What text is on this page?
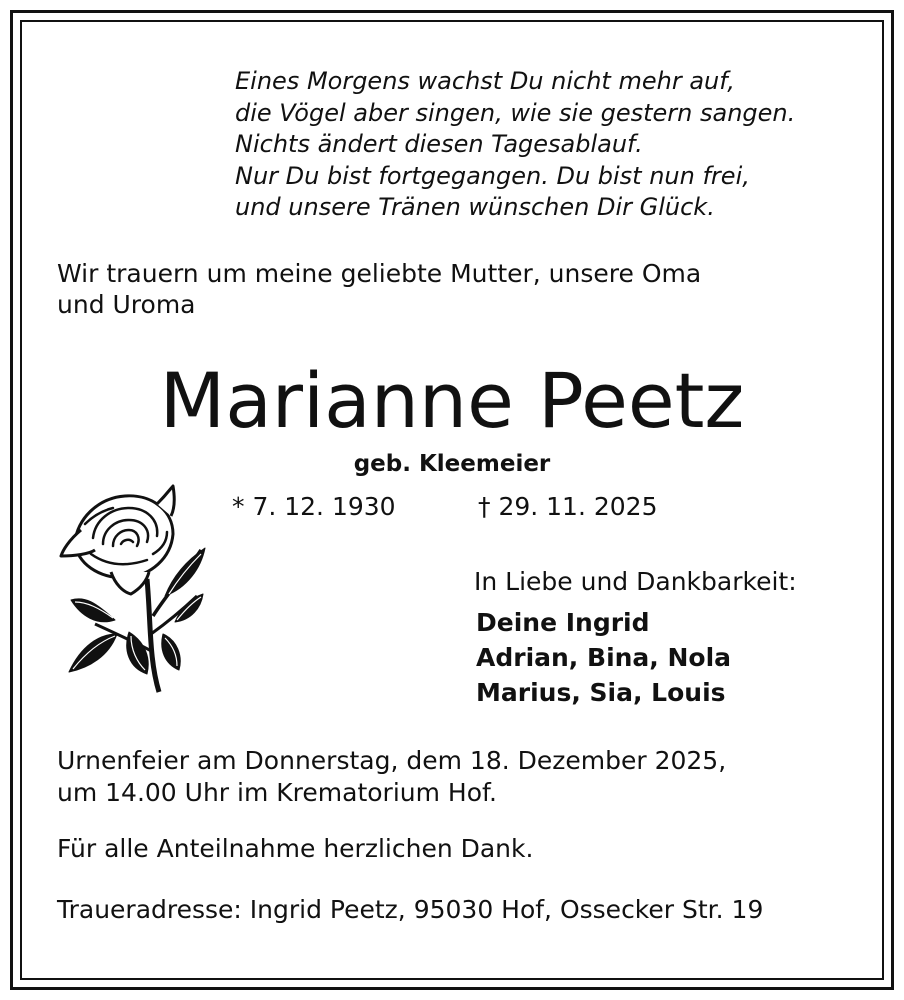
Eines Morgens wachst Du nicht mehr auf,
die Vögel aber singen, wie sie gestern sangen.
Nichts ändert diesen Tagesablauf.
Nur Du bist fortgegangen. Du bist nun frei,
und unsere Tränen wünschen Dir Glück.
Wir trauern um meine geliebte Mutter, unsere Oma
und Uroma
Marianne Peetz
geb. Kleemeier
* 7. 12. 1930	† 29. 11. 2025
In Liebe und Dankbarkeit:
Deine Ingrid
Adrian, Bina, Nola
Marius, Sia, Louis
Urnenfeier am Donnerstag, dem 18. Dezember 2025,
um 14.00 Uhr im Krematorium Hof.
Für alle Anteilnahme herzlichen Dank.
Traueradresse: Ingrid Peetz, 95030 Hof, Ossecker Str. 19
